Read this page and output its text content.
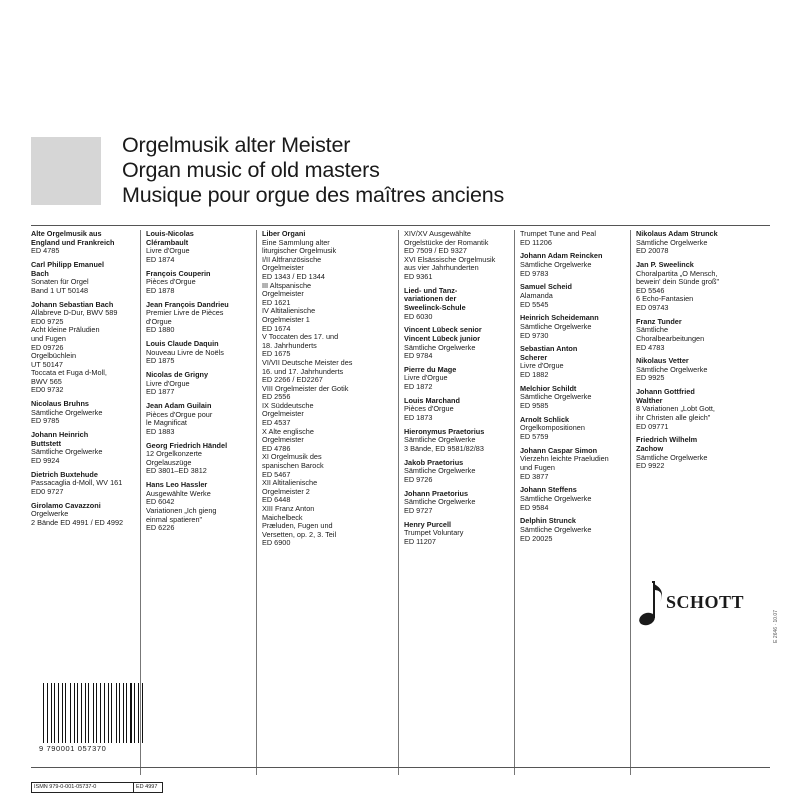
Orgelmusik alter Meister
Organ music of old masters
Musique pour orgue des maîtres anciens
Alte Orgelmusik aus
England und Frankreich
ED 4785
Carl Philipp Emanuel
Bach
Sonaten für Orgel
Band 1 UT 50148
Johann Sebastian Bach
Allabreve D-Dur, BWV 589
ED0 9725
Acht kleine Präludien
und Fugen
ED 09726
Orgelbüchlein
UT 50147
Toccata et Fuga d-Moll,
BWV 565
ED0 9732
Nicolaus Bruhns
Sämtliche Orgelwerke
ED 9785
Johann Heinrich
Buttstett
Sämtliche Orgelwerke
ED 9924
Dietrich Buxtehude
Passacaglia d-Moll, WV 161
ED0 9727
Girolamo Cavazzoni
Orgelwerke
2 Bände ED 4991 / ED 4992
Louis-Nicolas
Clérambault
Livre d'Orgue
ED 1874
François Couperin
Pièces d'Orgue
ED 1878
Jean François Dandrieu
Premier Livre de Pièces
d'Orgue
ED 1880
Louis Claude Daquin
Nouveau Livre de Noëls
ED 1875
Nicolas de Grigny
Livre d'Orgue
ED 1877
Jean Adam Guilain
Pièces d'Orgue pour
le Magnificat
ED 1883
Georg Friedrich Händel
12 Orgelkonzerte
Orgelauszüge
ED 3801–ED 3812
Hans Leo Hassler
Ausgewählte Werke
ED 6042
Variationen „Ich gieng
einmal spatieren"
ED 6226
Liber Organi
Eine Sammlung alter
liturgischer Orgelmusik
I/II Altfranzösische
Orgelmeister
ED 1343 / ED 1344
III Altspanische
Orgelmeister
ED 1621
IV Altitalienische
Orgelmeister 1
ED 1674
V Toccaten des 17. und
18. Jahrhunderts
ED 1675
VI/VII Deutsche Meister des
16. und 17. Jahrhunderts
ED 2266 / ED2267
VIII Orgelmeister der Gotik
ED 2556
IX Süddeutsche
Orgelmeister
ED 4537
X Alte englische
Orgelmeister
ED 4786
XI Orgelmusik des
spanischen Barock
ED 5467
XII Altitalienische
Orgelmeister 2
ED 6448
XIII Franz Anton
Maichelbeck
Præluden, Fugen und
Versetten, op. 2, 3. Teil
ED 6900
XIV/XV Ausgewählte
Orgelstücke der Romantik
ED 7509 / ED 9327
XVI Elsässische Orgelmusik
aus vier Jahrhunderten
ED 9361
Lied- und Tanz-
variationen der
Sweelinck-Schule
ED 6030
Vincent Lübeck senior
Vincent Lübeck junior
Sämtliche Orgelwerke
ED 9784
Pierre du Mage
Livre d'Orgue
ED 1872
Louis Marchand
Pièces d'Orgue
ED 1873
Hieronymus Praetorius
Sämtliche Orgelwerke
3 Bände, ED 9581/82/83
Jakob Praetorius
Sämtliche Orgelwerke
ED 9726
Johann Praetorius
Sämtliche Orgelwerke
ED 9727
Henry Purcell
Trumpet Voluntary
ED 11207
Trumpet Tune and Peal
ED 11206
Johann Adam Reincken
Sämtliche Orgelwerke
ED 9783
Samuel Scheid
Alamanda
ED 5545
Heinrich Scheidemann
Sämtliche Orgelwerke
ED 9730
Sebastian Anton
Scherer
Livre d'Orgue
ED 1882
Melchior Schildt
Sämtliche Orgelwerke
ED 9585
Arnolt Schlick
Orgelkompositionen
ED 5759
Johann Caspar Simon
Vierzehn leichte Praeludien
und Fugen
ED 3877
Johann Steffens
Sämtliche Orgelwerke
ED 9584
Delphin Strunck
Sämtliche Orgelwerke
ED 20025
Nikolaus Adam Strunck
Sämtliche Orgelwerke
ED 20078
Jan P. Sweelinck
Choralpartita „O Mensch,
bewein' dein Sünde groß"
ED 5546
6 Echo-Fantasien
ED 09743
Franz Tunder
Sämtliche
Choralbearbeitungen
ED 4783
Nikolaus Vetter
Sämtliche Orgelwerke
ED 9925
Johann Gottfried
Walther
8 Variationen „Lobt Gott,
ihr Christen alle gleich"
ED 09771
Friedrich Wilhelm
Zachow
Sämtliche Orgelwerke
ED 9922
SCHOTT
E 2646 · 10.07
9 790001 057370
ISMN 979-0-001-05737-0	ED 4997
